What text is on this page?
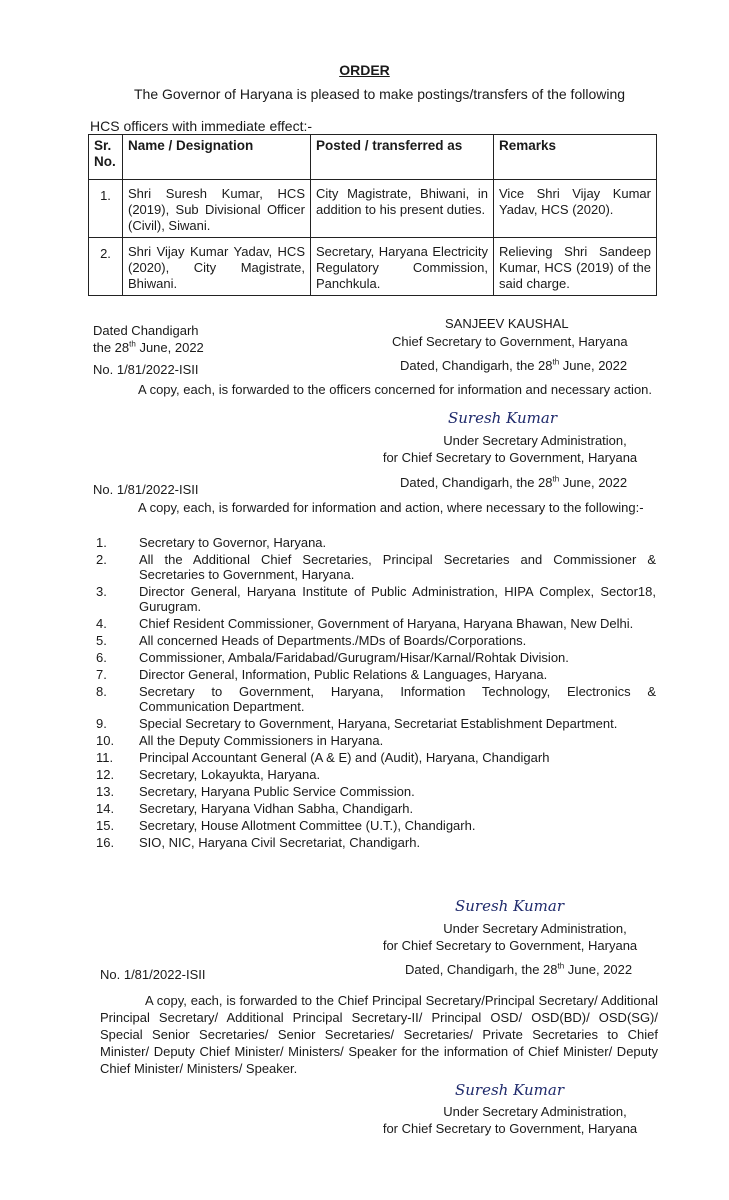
ORDER
The Governor of Haryana is pleased to make postings/transfers of the following
HCS officers with immediate effect:-
Sr. No.	Name / Designation	Posted / transferred as	Remarks
1.	Shri Suresh Kumar, HCS (2019), Sub Divisional Officer (Civil), Siwani.	City Magistrate, Bhiwani, in addition to his present duties.	Vice Shri Vijay Kumar Yadav, HCS (2020).
2.	Shri Vijay Kumar Yadav, HCS (2020), City Magistrate, Bhiwani.	Secretary, Haryana Electricity Regulatory Commission, Panchkula.	Relieving Shri Sandeep Kumar, HCS (2019) of the said charge.
Dated Chandigarh
the 28th June, 2022
SANJEEV KAUSHAL
Chief Secretary to Government, Haryana
No. 1/81/2022-ISII	Dated, Chandigarh, the 28th June, 2022
A copy, each, is forwarded to the officers concerned for information and necessary action.
Suresh Kumar
Under Secretary Administration,
for Chief Secretary to Government, Haryana
No. 1/81/2022-ISII	Dated, Chandigarh, the 28th June, 2022
A copy, each, is forwarded for information and action, where necessary to the following:-
1. Secretary to Governor, Haryana.
2. All the Additional Chief Secretaries, Principal Secretaries and Commissioner & Secretaries to Government, Haryana.
3. Director General, Haryana Institute of Public Administration, HIPA Complex, Sector18, Gurugram.
4. Chief Resident Commissioner, Government of Haryana, Haryana Bhawan, New Delhi.
5. All concerned Heads of Departments./MDs of Boards/Corporations.
6. Commissioner, Ambala/Faridabad/Gurugram/Hisar/Karnal/Rohtak Division.
7. Director General, Information, Public Relations & Languages, Haryana.
8. Secretary to Government, Haryana, Information Technology, Electronics & Communication Department.
9. Special Secretary to Government, Haryana, Secretariat Establishment Department.
10. All the Deputy Commissioners in Haryana.
11. Principal Accountant General (A & E) and (Audit), Haryana, Chandigarh
12. Secretary, Lokayukta, Haryana.
13. Secretary, Haryana Public Service Commission.
14. Secretary, Haryana Vidhan Sabha, Chandigarh.
15. Secretary, House Allotment Committee (U.T.), Chandigarh.
16. SIO, NIC, Haryana Civil Secretariat, Chandigarh.
Suresh Kumar
Under Secretary Administration,
for Chief Secretary to Government, Haryana
No. 1/81/2022-ISII	Dated, Chandigarh, the 28th June, 2022
A copy, each, is forwarded to the Chief Principal Secretary/Principal Secretary/ Additional Principal Secretary/ Additional Principal Secretary-II/ Principal OSD/ OSD(BD)/ OSD(SG)/ Special Senior Secretaries/ Senior Secretaries/ Secretaries/ Private Secretaries to Chief Minister/ Deputy Chief Minister/ Ministers/ Speaker for the information of Chief Minister/ Deputy Chief Minister/ Ministers/ Speaker.
Suresh Kumar
Under Secretary Administration,
for Chief Secretary to Government, Haryana
